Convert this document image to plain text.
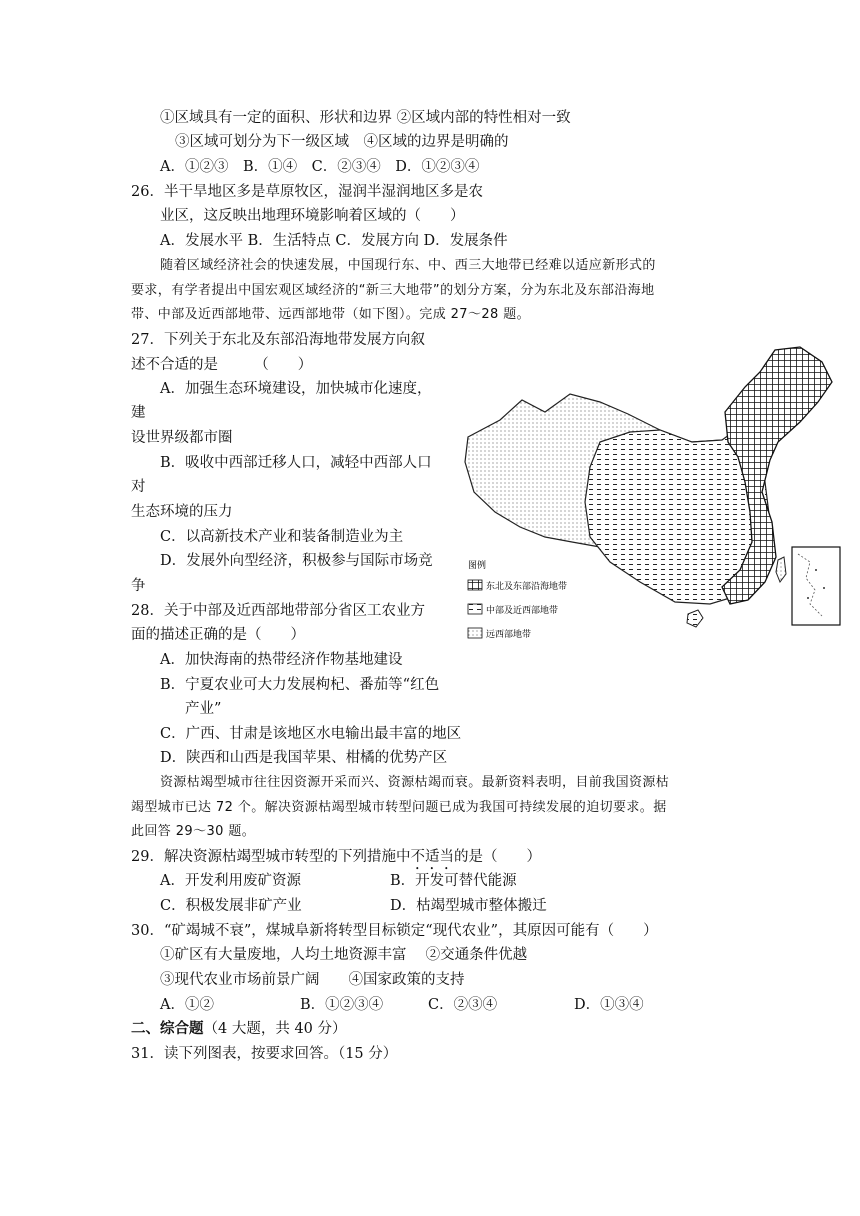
①区域具有一定的面积、形状和边界 ②区域内部的特性相对一致
③区域可划分为下一级区域　④区域的边界是明确的
A．①②③　B．①④　C．②③④　D．①②③④
26．半干旱地区多是草原牧区，湿润半湿润地区多是农
业区，这反映出地理环境影响着区域的（　　）
A．发展水平 B．生活特点 C．发展方向 D．发展条件
随着区域经济社会的快速发展，中国现行东、中、西三大地带已经难以适应新形式的
要求，有学者提出中国宏观区域经济的“新三大地带”的划分方案，分为东北及东部沿海地
带、中部及近西部地带、远西部地带（如下图）。完成 27～28 题。
27．下列关于东北及东部沿海地带发展方向叙
述不合适的是　　　（　　）
A．加强生态环境建设，加快城市化速度，
建
设世界级都市圈
B．吸收中西部迁移人口，减轻中西部人口
对
生态环境的压力
C．以高新技术产业和装备制造业为主
D．发展外向型经济，积极参与国际市场竞
争
28．关于中部及近西部地带部分省区工农业方
面的描述正确的是（　　）
A．加快海南的热带经济作物基地建设
B．宁夏农业可大力发展枸杞、番茄等“红色
产业”
C．广西、甘肃是该地区水电输出最丰富的地区
D．陕西和山西是我国苹果、柑橘的优势产区
资源枯竭型城市往往因资源开采而兴、资源枯竭而衰。最新资料表明，目前我国资源枯
竭型城市已达 72 个。解决资源枯竭型城市转型问题已成为我国可持续发展的迫切要求。据
此回答 29～30 题。
29．解决资源枯竭型城市转型的下列措施中不适当的是（　　）
A．开发利用废矿资源	B．开发可替代能源
C．积极发展非矿产业	D．枯竭型城市整体搬迁
30．“矿竭城不衰”，煤城阜新将转型目标锁定“现代农业”，其原因可能有（　　）
①矿区有大量废地，人均土地资源丰富　 ②交通条件优越
③现代农业市场前景广阔　　④国家政策的支持
A．①②	B．①②③④	C．②③④	D．①③④
二、综合题（4 大题，共 40 分）
31．读下列图表，按要求回答。（15 分）
图例
东北及东部沿海地带
中部及近西部地带
远西部地带
